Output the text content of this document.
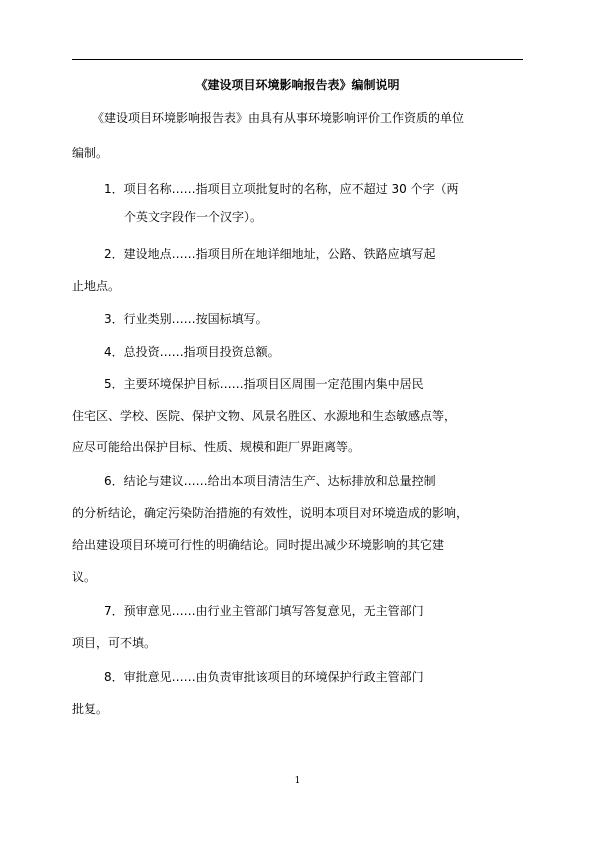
《建设项目环境影响报告表》编制说明
《建设项目环境影响报告表》由具有从事环境影响评价工作资质的单位
编制。
1．项目名称……指项目立项批复时的名称，应不超过 30 个字（两
个英文字段作一个汉字）。
2．建设地点……指项目所在地详细地址，公路、铁路应填写起
止地点。
3．行业类别……按国标填写。
4．总投资……指项目投资总额。
5．主要环境保护目标……指项目区周围一定范围内集中居民
住宅区、学校、医院、保护文物、风景名胜区、水源地和生态敏感点等，
应尽可能给出保护目标、性质、规模和距厂界距离等。
6．结论与建议……给出本项目清洁生产、达标排放和总量控制
的分析结论，确定污染防治措施的有效性，说明本项目对环境造成的影响，
给出建设项目环境可行性的明确结论。同时提出减少环境影响的其它建
议。
7．预审意见……由行业主管部门填写答复意见，无主管部门
项目，可不填。
8．审批意见……由负责审批该项目的环境保护行政主管部门
批复。
1
